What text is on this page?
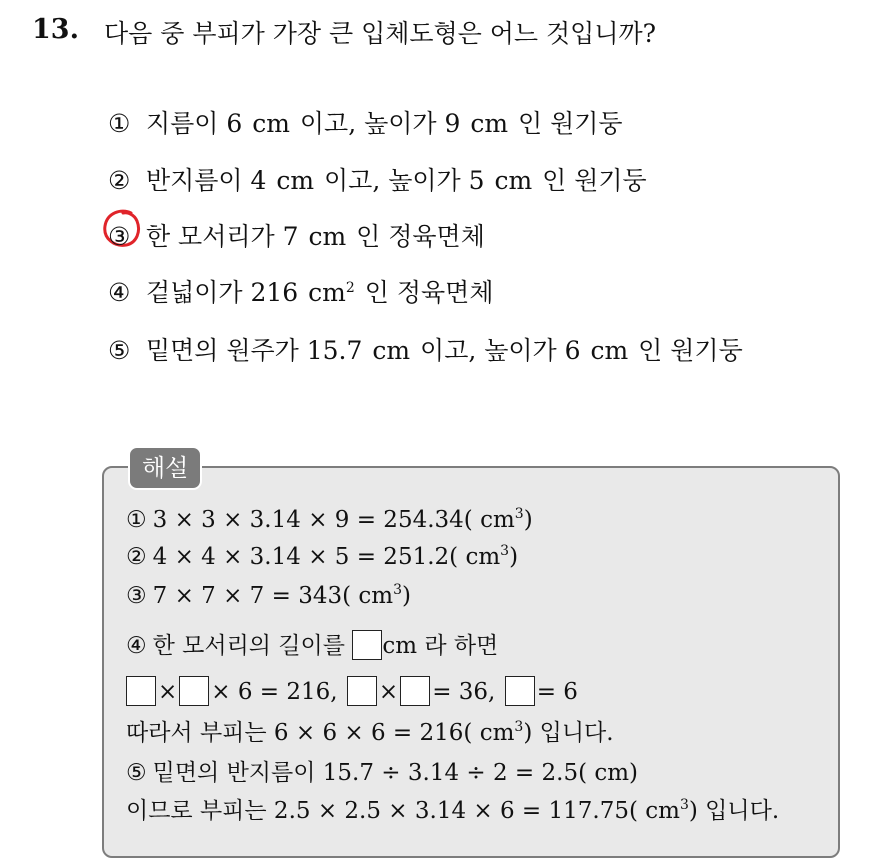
13. 다음 중 부피가 가장 큰 입체도형은 어느 것입니까?
① 지름이 6 cm 이고, 높이가 9 cm 인 원기둥
② 반지름이 4 cm 이고, 높이가 5 cm 인 원기둥
③ 한 모서리가 7 cm 인 정육면체
④ 겉넓이가 216 $cm^2$ 인 정육면체
⑤ 밑면의 원주가 15.7 cm 이고, 높이가 6 cm 인 원기둥
해설
① 3 × 3 × 3.14 × 9 = 254.34( $cm^3$)
② 4 × 4 × 3.14 × 5 = 251.2( $cm^3$)
③ 7 × 7 × 7 = 343( $cm^3$)
④ 한 모서리의 길이를 cm 라 하면
× × 6 = 216, × = 36, = 6
따라서 부피는 6 × 6 × 6 = 216( $cm^3$) 입니다.
⑤ 밑면의 반지름이 15.7 ÷ 3.14 ÷ 2 = 2.5( cm)
이므로 부피는 2.5 × 2.5 × 3.14 × 6 = 117.75( $cm^3$) 입니다.
